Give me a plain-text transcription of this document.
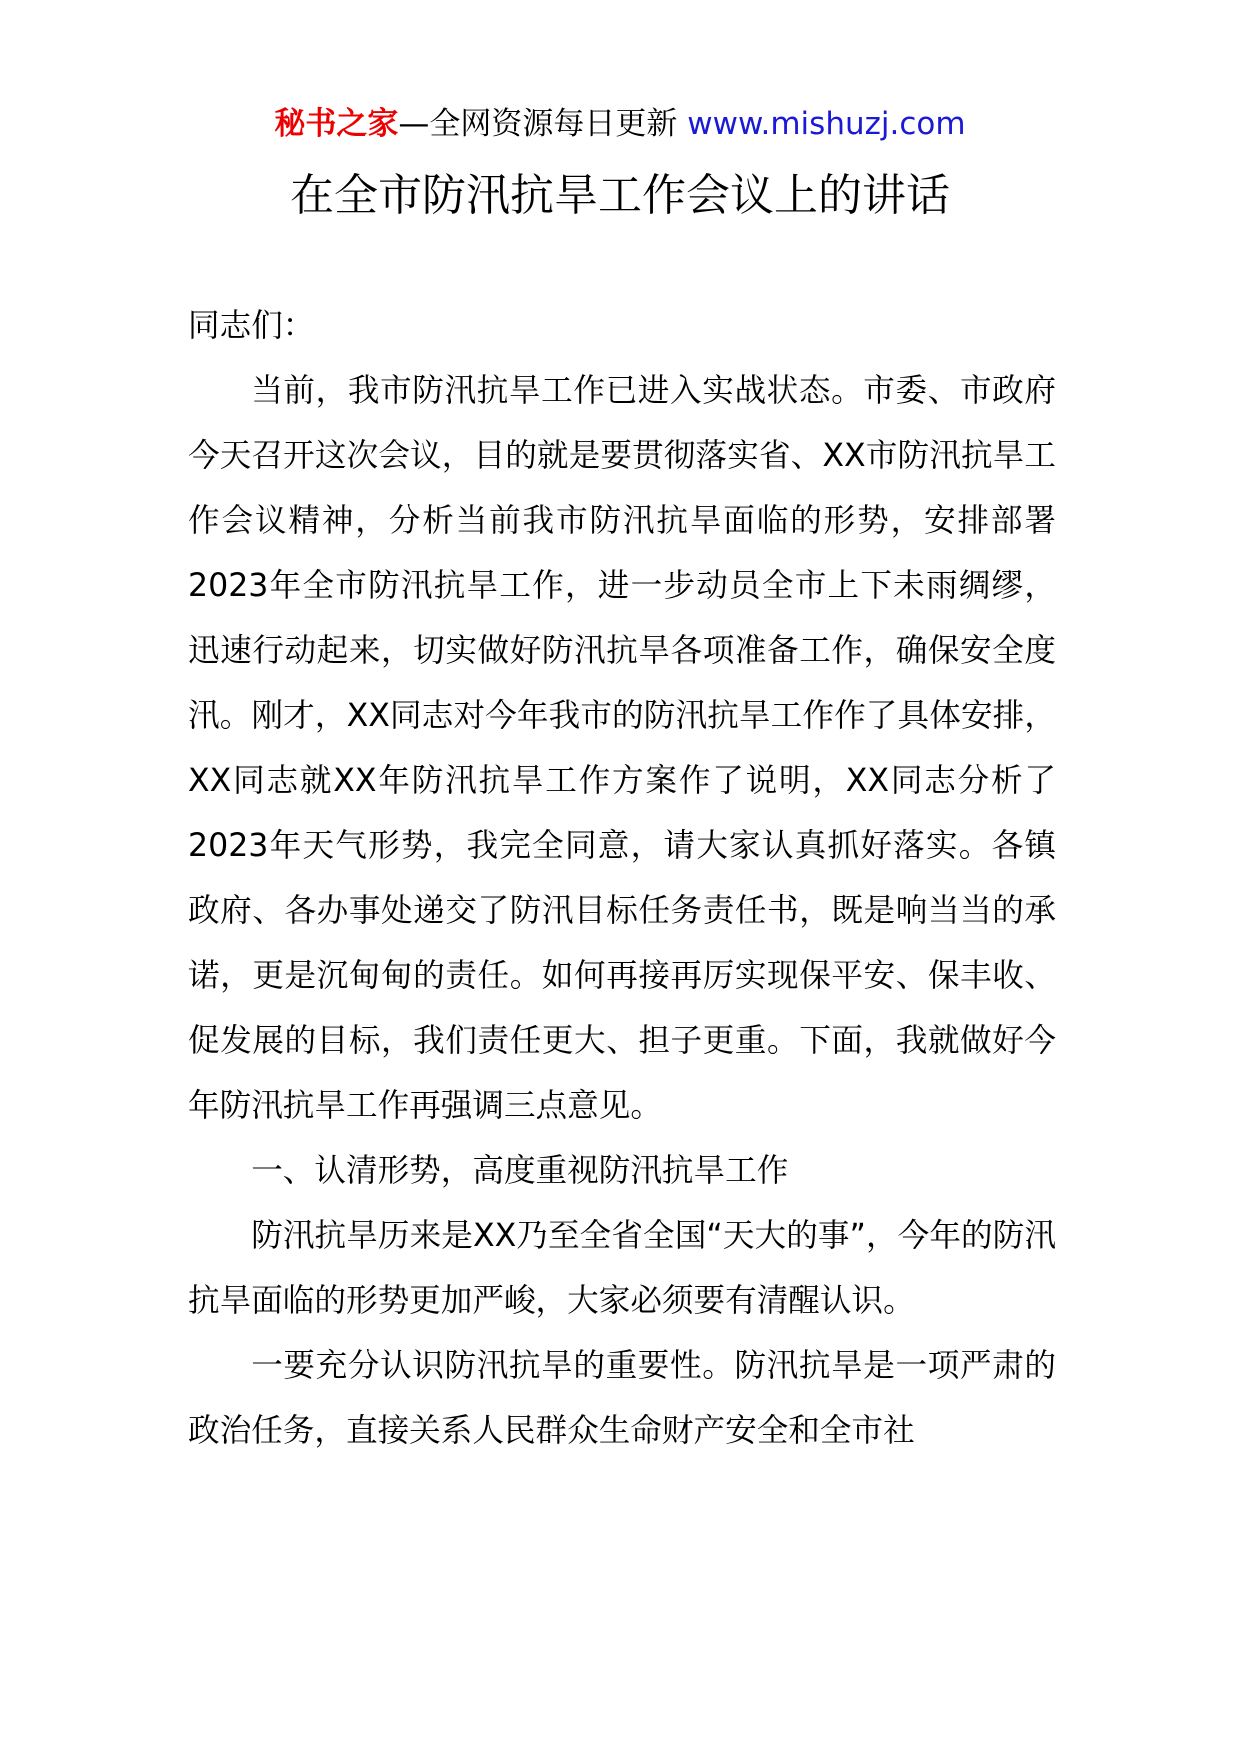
秘书之家—全网资源每日更新 www.mishuzj.com
在全市防汛抗旱工作会议上的讲话

同志们：

当前，我市防汛抗旱工作已进入实战状态。市委、市政府今天召开这次会议，目的就是要贯彻落实省、XX市防汛抗旱工作会议精神，分析当前我市防汛抗旱面临的形势，安排部署2023年全市防汛抗旱工作，进一步动员全市上下未雨绸缪，迅速行动起来，切实做好防汛抗旱各项准备工作，确保安全度汛。刚才，XX同志对今年我市的防汛抗旱工作作了具体安排，XX同志就XX年防汛抗旱工作方案作了说明，XX同志分析了2023年天气形势，我完全同意，请大家认真抓好落实。各镇政府、各办事处递交了防汛目标任务责任书，既是响当当的承诺，更是沉甸甸的责任。如何再接再厉实现保平安、保丰收、促发展的目标，我们责任更大、担子更重。下面，我就做好今年防汛抗旱工作再强调三点意见。

一、认清形势，高度重视防汛抗旱工作

防汛抗旱历来是XX乃至全省全国“天大的事”，今年的防汛抗旱面临的形势更加严峻，大家必须要有清醒认识。

一要充分认识防汛抗旱的重要性。防汛抗旱是一项严肃的政治任务，直接关系人民群众生命财产安全和全市社
